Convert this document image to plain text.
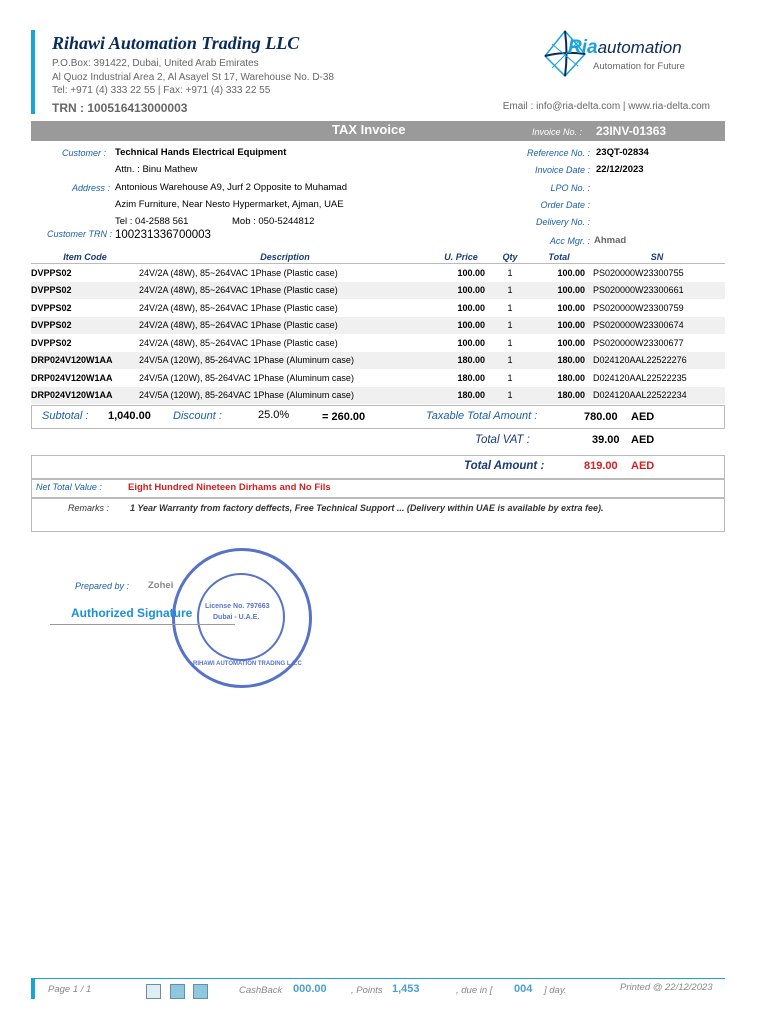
Rihawi Automation Trading LLC
P.O.Box: 391422, Dubai, United Arab Emirates
Al Quoz Industrial Area 2, Al Asayel St 17, Warehouse No. D-38
Tel: +971 (4) 333 22 55 | Fax: +971 (4) 333 22 55
TRN : 100516413000003	Email : info@ria-delta.com | www.ria-delta.com
Riaautomation
Automation for Future
TAX Invoice	Invoice No. : 23INV-01363
Customer : Technical Hands Electrical Equipment
Attn. : Binu Mathew
Address : Antonious Warehouse A9, Jurf 2 Opposite to Muhamad
Azim Furniture, Near Nesto Hypermarket, Ajman, UAE
Tel : 04-2588 561	Mob : 050-5244812
Customer TRN : 100231336700003
Reference No. : 23QT-02834
Invoice Date : 22/12/2023
LPO No. :
Order Date :
Delivery No. :
Acc Mgr. : Ahmad
Item Code	Description	U. Price	Qty	Total	SN
DVPPS02	24V/2A (48W), 85~264VAC 1Phase (Plastic case)	100.00	1	100.00	PS020000W23300755
DVPPS02	24V/2A (48W), 85~264VAC 1Phase (Plastic case)	100.00	1	100.00	PS020000W23300661
DVPPS02	24V/2A (48W), 85~264VAC 1Phase (Plastic case)	100.00	1	100.00	PS020000W23300759
DVPPS02	24V/2A (48W), 85~264VAC 1Phase (Plastic case)	100.00	1	100.00	PS020000W23300674
DVPPS02	24V/2A (48W), 85~264VAC 1Phase (Plastic case)	100.00	1	100.00	PS020000W23300677
DRP024V120W1AA	24V/5A (120W), 85-264VAC 1Phase (Aluminum case)	180.00	1	180.00	D024120AAL22522276
DRP024V120W1AA	24V/5A (120W), 85-264VAC 1Phase (Aluminum case)	180.00	1	180.00	D024120AAL22522235
DRP024V120W1AA	24V/5A (120W), 85-264VAC 1Phase (Aluminum case)	180.00	1	180.00	D024120AAL22522234
Subtotal : 1,040.00 Discount :	25.0%	= 260.00	Taxable Total Amount :	780.00 AED
Total VAT :	39.00 AED
Total Amount :	819.00 AED
Net Total Value :	Eight Hundred Nineteen Dirhams and No Fils
Remarks : 1 Year Warranty from factory deffects, Free Technical Support ... (Delivery within UAE is available by extra fee).
Prepared by : Zohei
License No. 797663
Dubai - U.A.E.
RIHAWI AUTOMATION TRADING L.L.C
Authorized Signature
Page 1 / 1	CashBack 000.00	, Points 1,453	, due in [ 004 ] day.	Printed @ 22/12/2023
